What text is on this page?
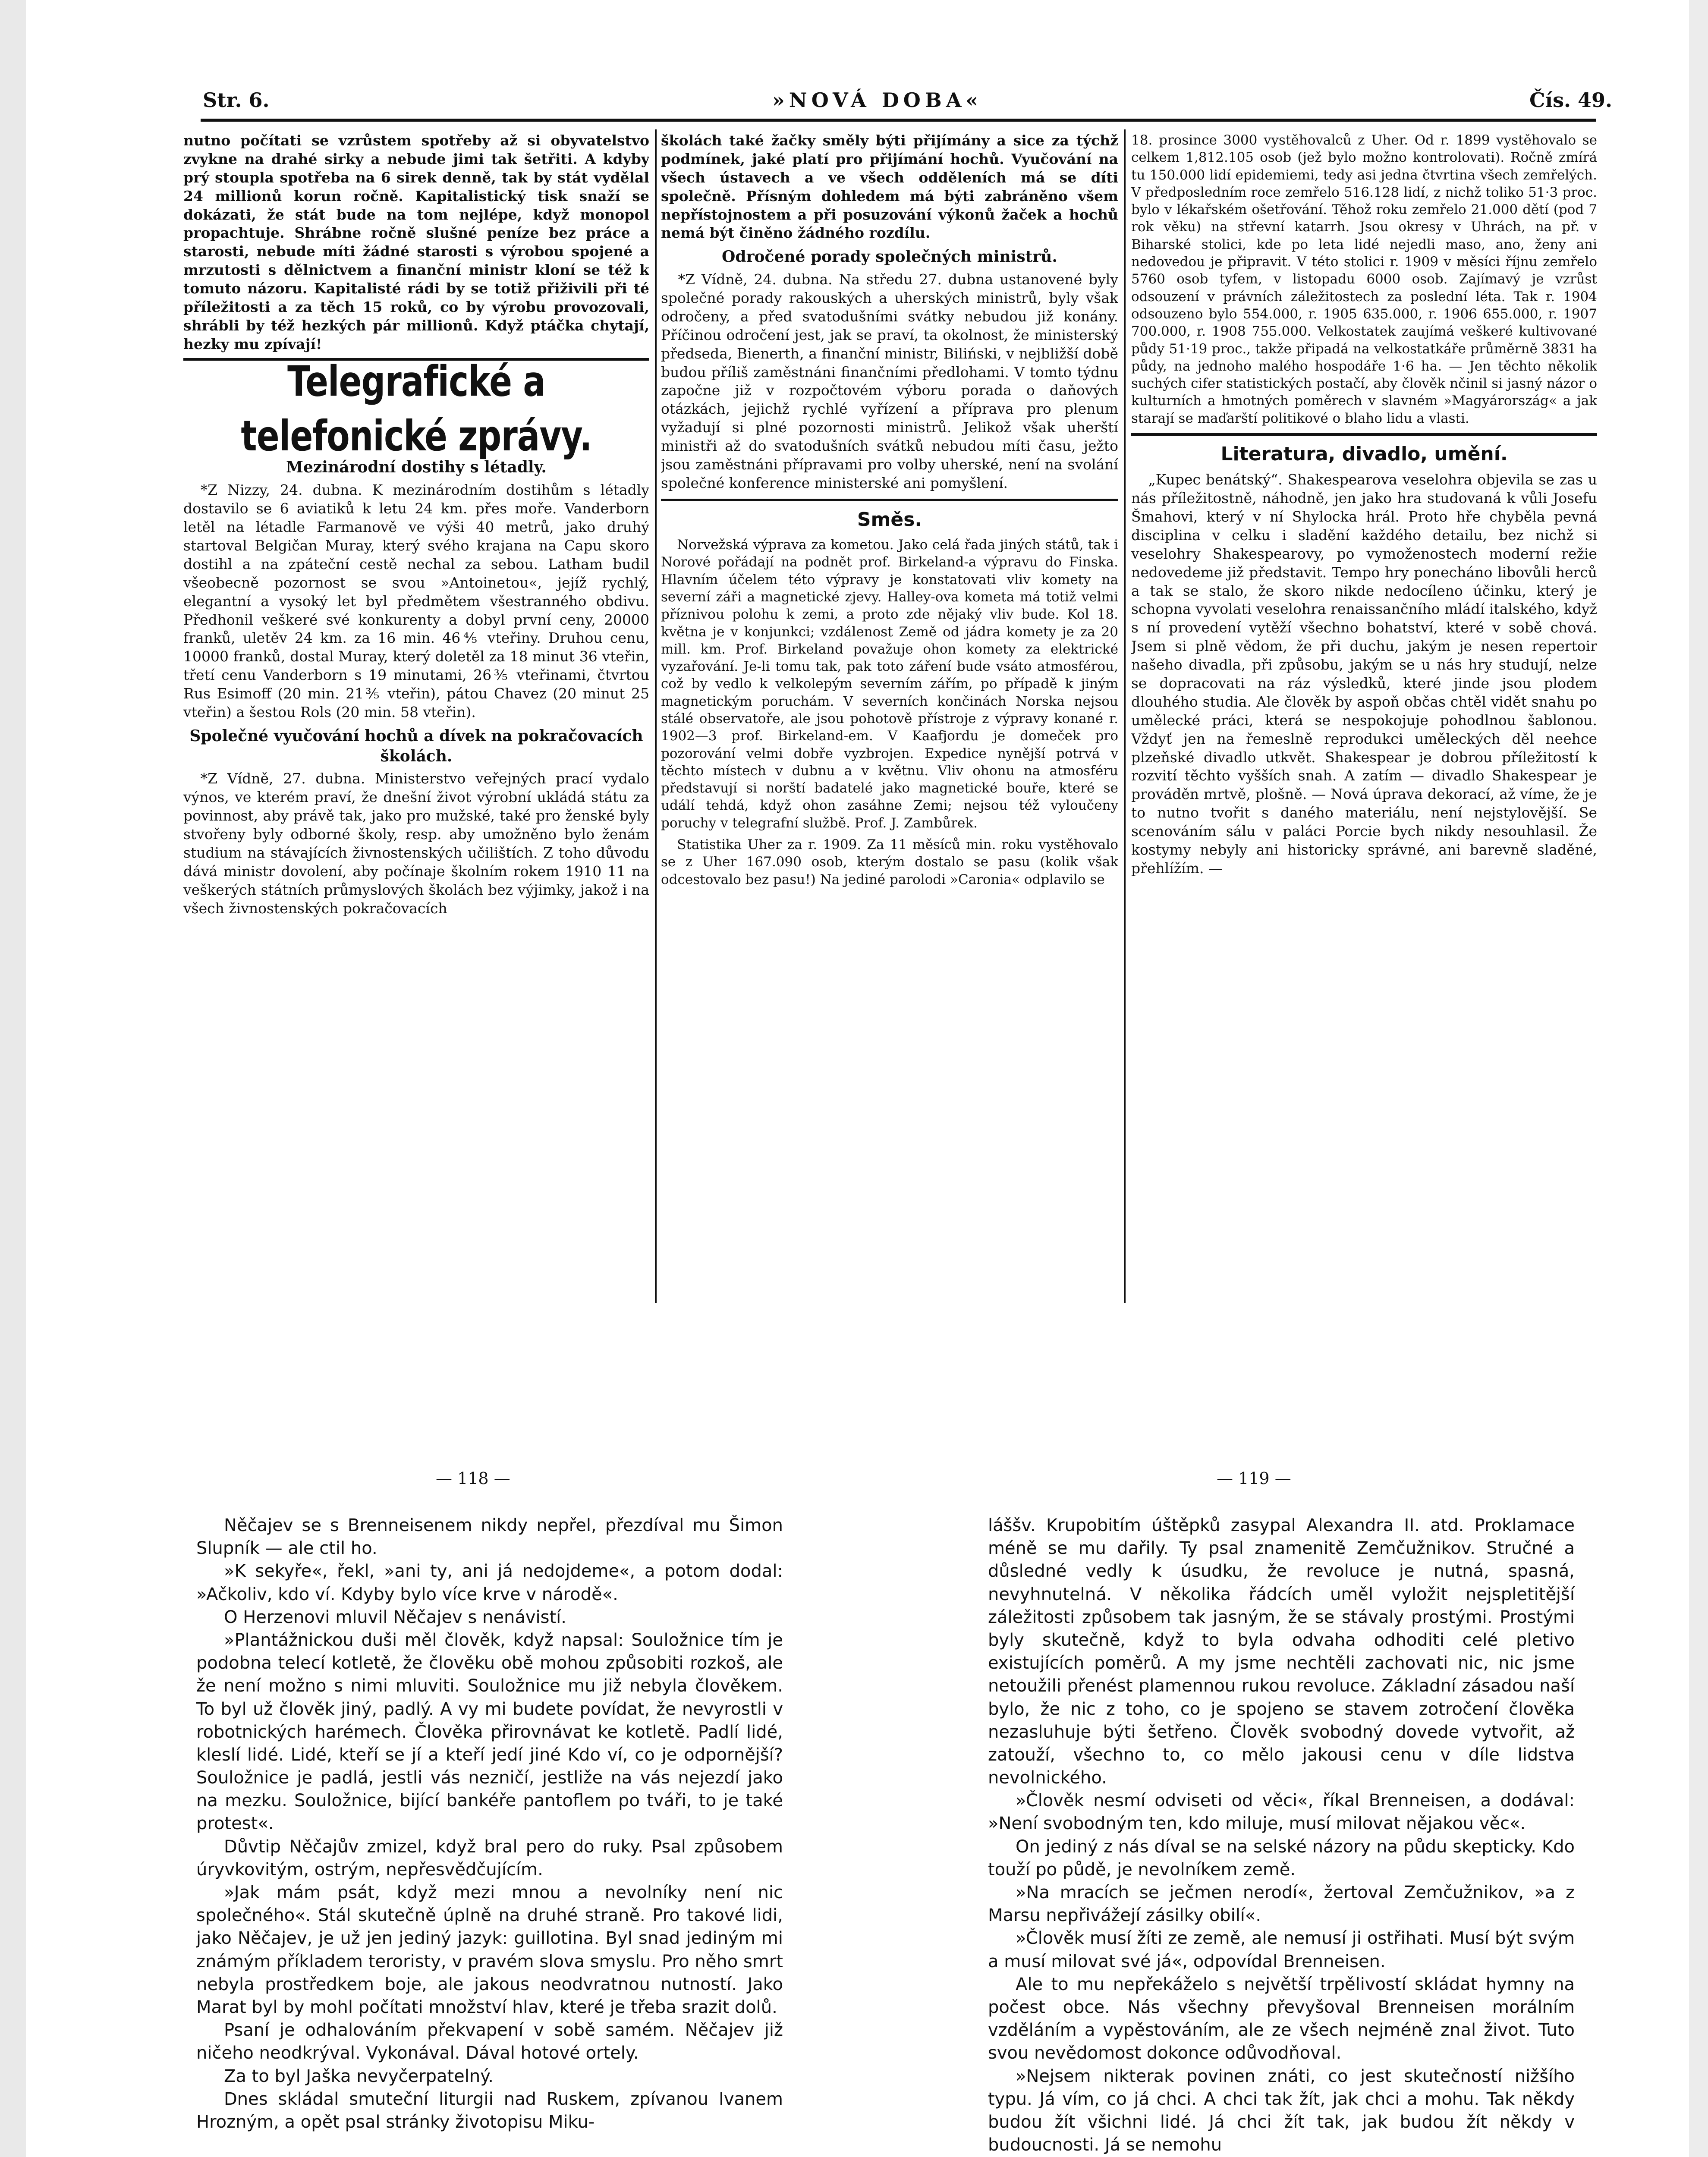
Str. 6.	»NOVÁ DOBA«	Čís. 49.

nutno počítati se vzrůstem spotřeby až si obyvatelstvo zvykne na drahé sirky a nebude jimi tak šetřiti. A kdyby prý stoupla spotřeba na 6 sirek denně, tak by stát vydělal 24 millionů korun ročně. Kapitalistický tisk snaží se dokázati, že stát bude na tom nejlépe, když monopol propachtuje. Shrábne ročně slušné peníze bez práce a starosti, nebude míti žádné starosti s výrobou spojené a mrzutosti s dělnictvem a finanční ministr kloní se též k tomuto názoru. Kapitalisté rádi by se totiž přiživili při té příležitosti a za těch 15 roků, co by výrobu provozovali, shrábli by též hezkých pár millionů. Když ptáčka chytají, hezky mu zpívají!

Telegrafické a telefonické zprávy.
Mezinárodní dostihy s létadly.

*Z Nizzy, 24. dubna. K mezinárodním dostihům s létadly dostavilo se 6 aviatiků k letu 24 km. přes moře. Vanderborn letěl na létadle Farmanově ve výši 40 metrů, jako druhý startoval Belgičan Muray, který svého krajana na Capu skoro dostihl a na zpáteční cestě nechal za sebou. Latham budil všeobecně pozornost se svou »Antoinetou«, jejíž rychlý, elegantní a vysoký let byl předmětem všestranného obdivu. Předhonil veškeré své konkurenty a dobyl první ceny, 20000 franků, uletěv 24 km. za 16 min. 46⅘ vteřiny. Druhou cenu, 10000 franků, dostal Muray, který doletěl za 18 minut 36 vteřin, třetí cenu Vanderborn s 19 minutami, 26⅗ vteřinami, čtvrtou Rus Esimoff (20 min. 21⅗ vteřin), pátou Chavez (20 minut 25 vteřin) a šestou Rols (20 min. 58 vteřin).

Společné vyučování hochů a dívek na pokračovacích školách.

*Z Vídně, 27. dubna. Ministerstvo veřejných prací vydalo výnos, ve kterém praví, že dnešní život výrobní ukládá státu za povinnost, aby právě tak, jako pro mužské, také pro ženské byly stvořeny byly odborné školy, resp. aby umožněno bylo ženám studium na stávajících živnostenských učilištích. Z toho důvodu dává ministr dovolení, aby počínaje školním rokem 1910 11 na veškerých státních průmyslových školách bez výjimky, jakož i na všech živnostenských pokračovacích

školách také žačky směly býti přijímány a sice za týchž podmínek, jaké platí pro přijímání hochů. Vyučování na všech ústavech a ve všech odděleních má se díti společně. Přísným dohledem má býti zabráněno všem nepřístojnostem a při posuzování výkonů žaček a hochů nemá být činěno žádného rozdílu.

Odročené porady společných ministrů.

*Z Vídně, 24. dubna. Na středu 27. dubna ustanovené byly společné porady rakouských a uherských ministrů, byly však odročeny, a před svatodušními svátky nebudou již konány. Příčinou odročení jest, jak se praví, ta okolnost, že ministerský předseda, Bienerth, a finanční ministr, Biliński, v nejbližší době budou příliš zaměstnáni finančními předlohami. V tomto týdnu započne již v rozpočtovém výboru porada o daňových otázkách, jejichž rychlé vyřízení a příprava pro plenum vyžadují si plné pozornosti ministrů. Jelikož však uherští ministři až do svatodušních svátků nebudou míti času, ježto jsou zaměstnáni přípravami pro volby uherské, není na svolání společné konference ministerské ani pomyšlení.

Směs.

Norvežská výprava za kometou. Jako celá řada jiných států, tak i Norové pořádají na podnět prof. Birkeland-a výpravu do Finska. Hlavním účelem této výpravy je konstatovati vliv komety na severní záři a magnetické zjevy. Halley-ova kometa má totiž velmi příznivou polohu k zemi, a proto zde nějaký vliv bude. Kol 18. května je v konjunkci; vzdálenost Země od jádra komety je za 20 mill. km. Prof. Birkeland považuje ohon komety za elektrické vyzařování. Je-li tomu tak, pak toto záření bude vsáto atmosférou, což by vedlo k velkolepým severním zářím, po případě k jiným magnetickým poruchám. V severních končinách Norska nejsou stálé observatoře, ale jsou pohotově přístroje z výpravy konané r. 1902—3 prof. Birkeland-em. V Kaafjordu je domeček pro pozorování velmi dobře vyzbrojen. Expedice nynější potrvá v těchto místech v dubnu a v květnu. Vliv ohonu na atmosféru představují si norští badatelé jako magnetické bouře, které se událí tehdá, když ohon zasáhne Zemi; nejsou též vyloučeny poruchy v telegrafní službě. Prof. J. Zambůrek.

Statistika Uher za r. 1909. Za 11 měsíců min. roku vystěhovalo se z Uher 167.090 osob, kterým dostalo se pasu (kolik však odcestovalo bez pasu!) Na jediné parolodi »Caronia« odplavilo se

18. prosince 3000 vystěhovalců z Uher. Od r. 1899 vystěhovalo se celkem 1,812.105 osob (jež bylo možno kontrolovati). Ročně zmírá tu 150.000 lidí epidemiemi, tedy asi jedna čtvrtina všech zemřelých. V předposledním roce zemřelo 516.128 lidí, z nichž toliko 51·3 proc. bylo v lékařském ošetřování. Těhož roku zemřelo 21.000 dětí (pod 7 rok věku) na střevní katarrh. Jsou okresy v Uhrách, na př. v Biharské stolici, kde po leta lidé nejedli maso, ano, ženy ani nedovedou je připravit. V této stolici r. 1909 v měsíci říjnu zemřelo 5760 osob tyfem, v listopadu 6000 osob. Zajímavý je vzrůst odsouzení v právních záležitostech za poslední léta. Tak r. 1904 odsouzeno bylo 554.000, r. 1905 635.000, r. 1906 655.000, r. 1907 700.000, r. 1908 755.000. Velkostatek zaujímá veškeré kultivované půdy 51·19 proc., takže připadá na velkostatkáře průměrně 3831 ha půdy, na jednoho malého hospodáře 1·6 ha. — Jen těchto několik suchých cifer statistických postačí, aby člověk nčinil si jasný názor o kulturních a hmotných poměrech v slavném »Magyárország« a jak starají se maďarští politikové o blaho lidu a vlasti.

Literatura, divadlo, umění.

„Kupec benátský“. Shakespearova veselohra objevila se zas u nás příležitostně, náhodně, jen jako hra studovaná k vůli Josefu Šmahovi, který v ní Shylocka hrál. Proto hře chyběla pevná disciplina v celku i sladění každého detailu, bez nichž si veselohry Shakespearovy, po vymoženostech moderní režie nedovedeme již představit. Tempo hry ponecháno libovůli herců a tak se stalo, že skoro nikde nedocíleno účinku, který je schopna vyvolati veselohra renaissančního mládí italského, když s ní provedení vytěží všechno bohatství, které v sobě chová. Jsem si plně vědom, že při duchu, jakým je nesen repertoir našeho divadla, při způsobu, jakým se u nás hry studují, nelze se dopracovati na ráz výsledků, které jinde jsou plodem dlouhého studia. Ale člověk by aspoň občas chtěl vidět snahu po umělecké práci, která se nespokojuje pohodlnou šablonou. Vždyť jen na řemeslně reprodukci uměleckých děl neehce plzeňské divadlo utkvět. Shakespear je dobrou příležitostí k rozvití těchto vyšších snah. A zatím — divadlo Shakespear je prováděn mrtvě, plošně. — Nová úprava dekorací, až víme, že je to nutno tvořit s daného materiálu, není nejstylovější. Se scenováním sálu v paláci Porcie bych nikdy nesouhlasil. Že kostymy nebyly ani historicky správné, ani barevně sladěné, přehlížím. —

— 118 —	— 119 —

Něčajev se s Brenneisenem nikdy nepřel, přezdíval mu Šimon Slupník — ale ctil ho.

»K sekyře«, řekl, »ani ty, ani já nedojdeme«, a potom dodal: »Ačkoliv, kdo ví. Kdyby bylo více krve v národě«.

O Herzenovi mluvil Něčajev s nenávistí.

»Plantážnickou duši měl člověk, když napsal: Souložnice tím je podobna telecí kotletě, že člověku obě mohou způsobiti rozkoš, ale že není možno s nimi mluviti. Souložnice mu již nebyla člověkem. To byl už člověk jiný, padlý. A vy mi budete povídat, že nevyrostli v robotnických harémech. Člověka přirovnávat ke kotletě. Padlí lidé, kleslí lidé. Lidé, kteří se jí a kteří jedí jiné Kdo ví, co je odpornější? Souložnice je padlá, jestli vás nezničí, jestliže na vás nejezdí jako na mezku. Souložnice, bijící bankéře pantoflem po tváři, to je také protest«.

Důvtip Něčajův zmizel, když bral pero do ruky. Psal způsobem úryvkovitým, ostrým, nepřesvědčujícím.

»Jak mám psát, když mezi mnou a nevolníky není nic společného«. Stál skutečně úplně na druhé straně. Pro takové lidi, jako Něčajev, je už jen jediný jazyk: guillotina. Byl snad jediným mi známým příkladem teroristy, v pravém slova smyslu. Pro něho smrt nebyla prostředkem boje, ale jakous neodvratnou nutností. Jako Marat byl by mohl počítati množství hlav, které je třeba srazit dolů.

Psaní je odhalováním překvapení v sobě samém. Něčajev již ničeho neodkrýval. Vykonával. Dával hotové ortely.

Za to byl Jaška nevyčerpatelný.

Dnes skládal smuteční liturgii nad Ruskem, zpívanou Ivanem Hrozným, a opět psal stránky životopisu Miku-

láššv. Krupobitím úštěpků zasypal Alexandra II. atd. Proklamace méně se mu dařily. Ty psal znamenitě Zemčužnikov. Stručné a důsledné vedly k úsudku, že revoluce je nutná, spasná, nevyhnutelná. V několika řádcích uměl vyložit nejspletitější záležitosti způsobem tak jasným, že se stávaly prostými. Prostými byly skutečně, když to byla odvaha odhoditi celé pletivo existujících poměrů. A my jsme nechtěli zachovati nic, nic jsme netoužili přenést plamennou rukou revoluce. Základní zásadou naší bylo, že nic z toho, co je spojeno se stavem zotročení člověka nezasluhuje býti šetřeno. Člověk svobodný dovede vytvořit, až zatouží, všechno to, co mělo jakousi cenu v díle lidstva nevolnického.

»Člověk nesmí odviseti od věci«, říkal Brenneisen, a dodával: »Není svobodným ten, kdo miluje, musí milovat nějakou věc«.

On jediný z nás díval se na selské názory na půdu skepticky. Kdo touží po půdě, je nevolníkem země.

»Na mracích se ječmen nerodí«, žertoval Zemčužnikov, »a z Marsu nepřivážejí zásilky obilí«.

»Člověk musí žíti ze země, ale nemusí ji ostřihati. Musí být svým a musí milovat své já«, odpovídal Brenneisen.

Ale to mu nepřekáželo s největší trpělivostí skládat hymny na počest obce. Nás všechny převyšoval Brenneisen morálním vzděláním a vypěstováním, ale ze všech nejméně znal život. Tuto svou nevědomost dokonce odůvodňoval.

»Nejsem nikterak povinen znáti, co jest skutečností nižšího typu. Já vím, co já chci. A chci tak žít, jak chci a mohu. Tak někdy budou žít všichni lidé. Já chci žít tak, jak budou žít někdy v budoucnosti. Já se nemohu
